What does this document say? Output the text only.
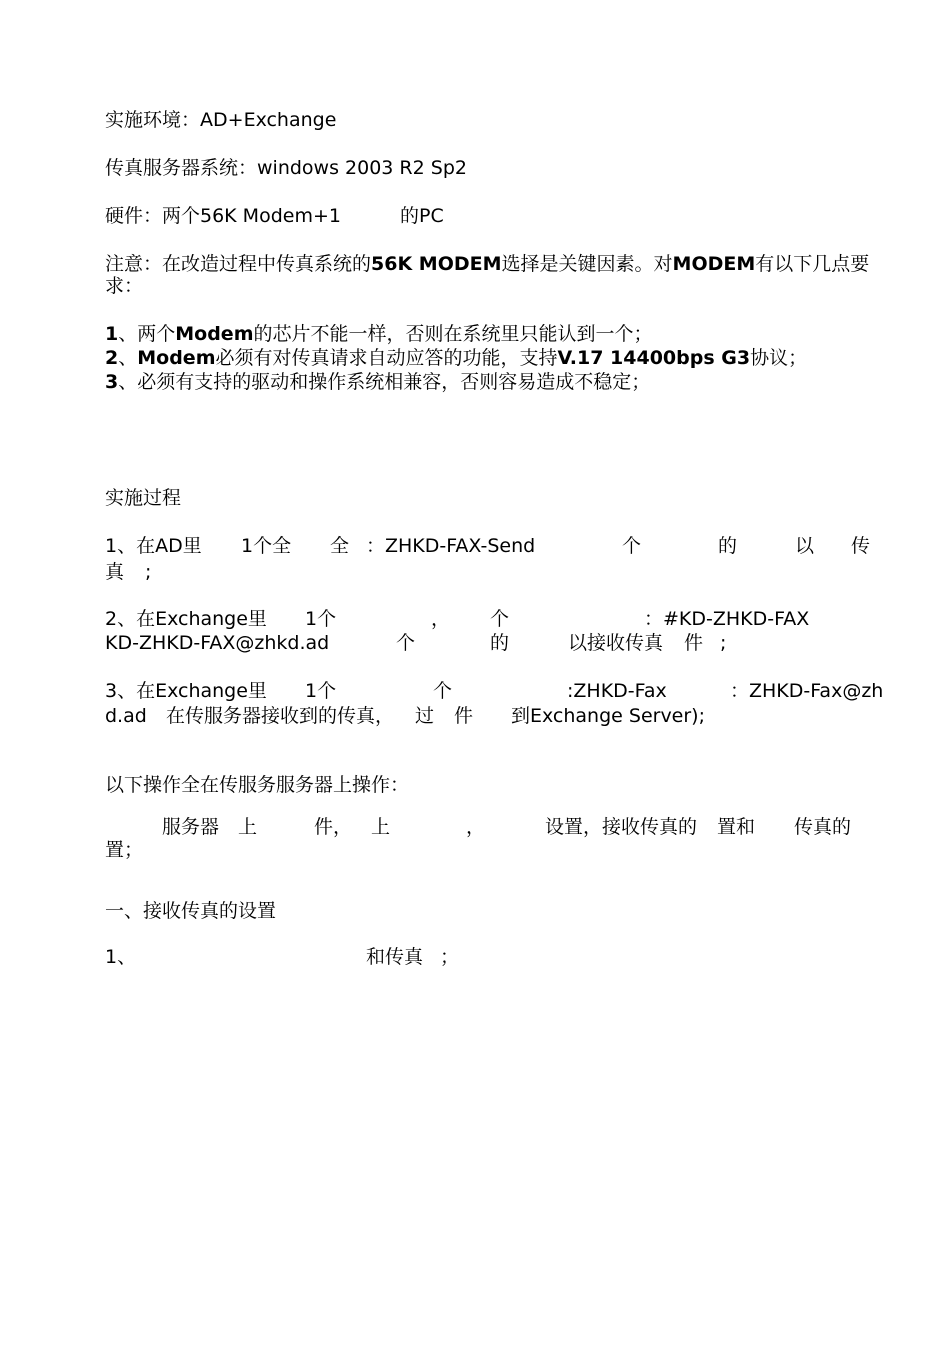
实施环境：AD+Exchange
传真服务器系统：windows 2003 R2 Sp2
硬件：两个56K Modem+1	的PC
注意：在改造过程中传真系统的56K MODEM选择是关键因素。对MODEM有以下几点要
求：
1、两个Modem的芯片不能一样，否则在系统里只能认到一个；
2、Modem必须有对传真请求自动应答的功能，支持V.17 14400bps G3协议；
3、必须有支持的驱动和操作系统相兼容，否则容易造成不稳定；
实施过程
1、在AD里 1个全 全 ：ZHKD-FAX-Send	个	的	以 传
真 ;
2、在Exchange里 1个	， 个	：#KD-ZHKD-FAX
KD-ZHKD-FAX@zhkd.ad	个	的	以接收传真 件 ;
3、在Exchange里 1个	个	:ZHKD-Fax	：ZHKD-Fax@zh
d.ad 在传服务器接收到的传真， 过 件 到Exchange Server);
以下操作全在传服务服务器上操作：
服务器 上	件， 上	，	设置，接收传真的 置和 传真的
置；
一、接收传真的设置
1、	和传真 ；
